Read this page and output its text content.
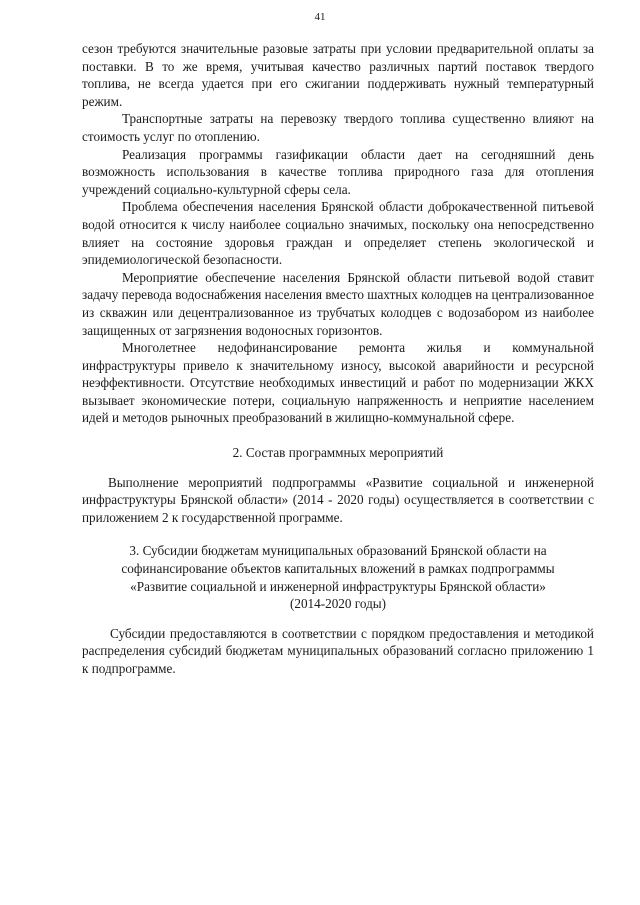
41

сезон требуются значительные разовые затраты при условии предварительной оплаты за поставки. В то же время, учитывая качество различных партий поставок твердого топлива, не всегда удается при его сжигании поддерживать нужный температурный режим.

Транспортные затраты на перевозку твердого топлива существенно влияют на стоимость услуг по отоплению.

Реализация программы газификации области дает на сегодняшний день возможность использования в качестве топлива природного газа для отопления учреждений социально-культурной сферы села.

Проблема обеспечения населения Брянской области доброкачественной питьевой водой относится к числу наиболее социально значимых, поскольку она непосредственно влияет на состояние здоровья граждан и определяет степень экологической и эпидемиологической безопасности.

Мероприятие обеспечение населения Брянской области питьевой водой ставит задачу перевода водоснабжения населения вместо шахтных колодцев на централизованное из скважин или децентрализованное из трубчатых колодцев с водозабором из наиболее защищенных от загрязнения водоносных горизонтов.

Многолетнее недофинансирование ремонта жилья и коммунальной инфраструктуры привело к значительному износу, высокой аварийности и ресурсной неэффективности. Отсутствие необходимых инвестиций и работ по модернизации ЖКХ вызывает экономические потери, социальную напряженность и неприятие населением идей и методов рыночных преобразований в жилищно-коммунальной сфере.

2. Состав программных мероприятий

Выполнение мероприятий подпрограммы «Развитие социальной и инженерной инфраструктуры Брянской области» (2014 - 2020 годы) осуществляется в соответствии с приложением 2 к государственной программе.

3. Субсидии бюджетам муниципальных образований Брянской области на

софинансирование объектов капитальных вложений в рамках подпрограммы

«Развитие социальной и инженерной инфраструктуры Брянской области»

(2014-2020 годы)

Субсидии предоставляются в соответствии с порядком предоставления и методикой распределения субсидий бюджетам муниципальных образований согласно приложению 1 к подпрограмме.
